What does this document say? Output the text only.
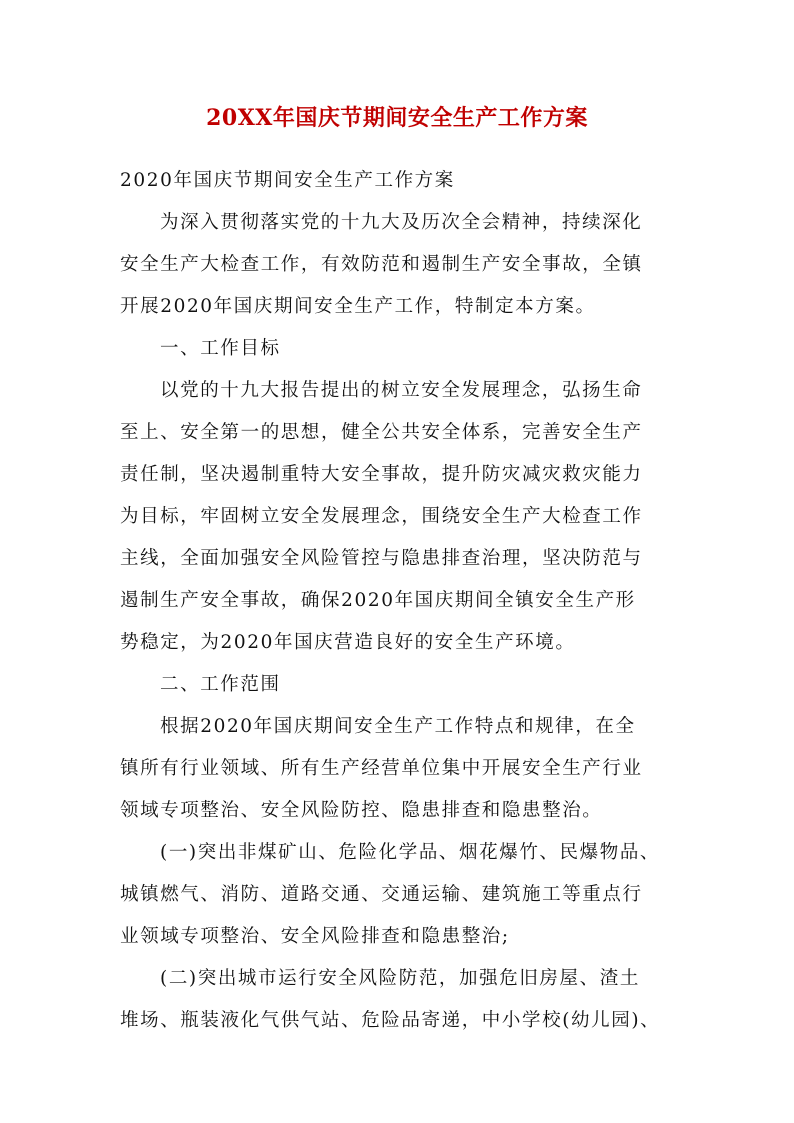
20XX年国庆节期间安全生产工作方案
2020年国庆节期间安全生产工作方案
为深入贯彻落实党的十九大及历次全会精神，持续深化
安全生产大检查工作，有效防范和遏制生产安全事故，全镇
开展2020年国庆期间安全生产工作，特制定本方案。
一、工作目标
以党的十九大报告提出的树立安全发展理念，弘扬生命
至上、安全第一的思想，健全公共安全体系，完善安全生产
责任制，坚决遏制重特大安全事故，提升防灾减灾救灾能力
为目标，牢固树立安全发展理念，围绕安全生产大检查工作
主线，全面加强安全风险管控与隐患排查治理，坚决防范与
遏制生产安全事故，确保2020年国庆期间全镇安全生产形
势稳定，为2020年国庆营造良好的安全生产环境。
二、工作范围
根据2020年国庆期间安全生产工作特点和规律，在全
镇所有行业领域、所有生产经营单位集中开展安全生产行业
领域专项整治、安全风险防控、隐患排查和隐患整治。
(一)突出非煤矿山、危险化学品、烟花爆竹、民爆物品、
城镇燃气、消防、道路交通、交通运输、建筑施工等重点行
业领域专项整治、安全风险排查和隐患整治;
(二)突出城市运行安全风险防范，加强危旧房屋、渣土
堆场、瓶装液化气供气站、危险品寄递，中小学校(幼儿园)、
